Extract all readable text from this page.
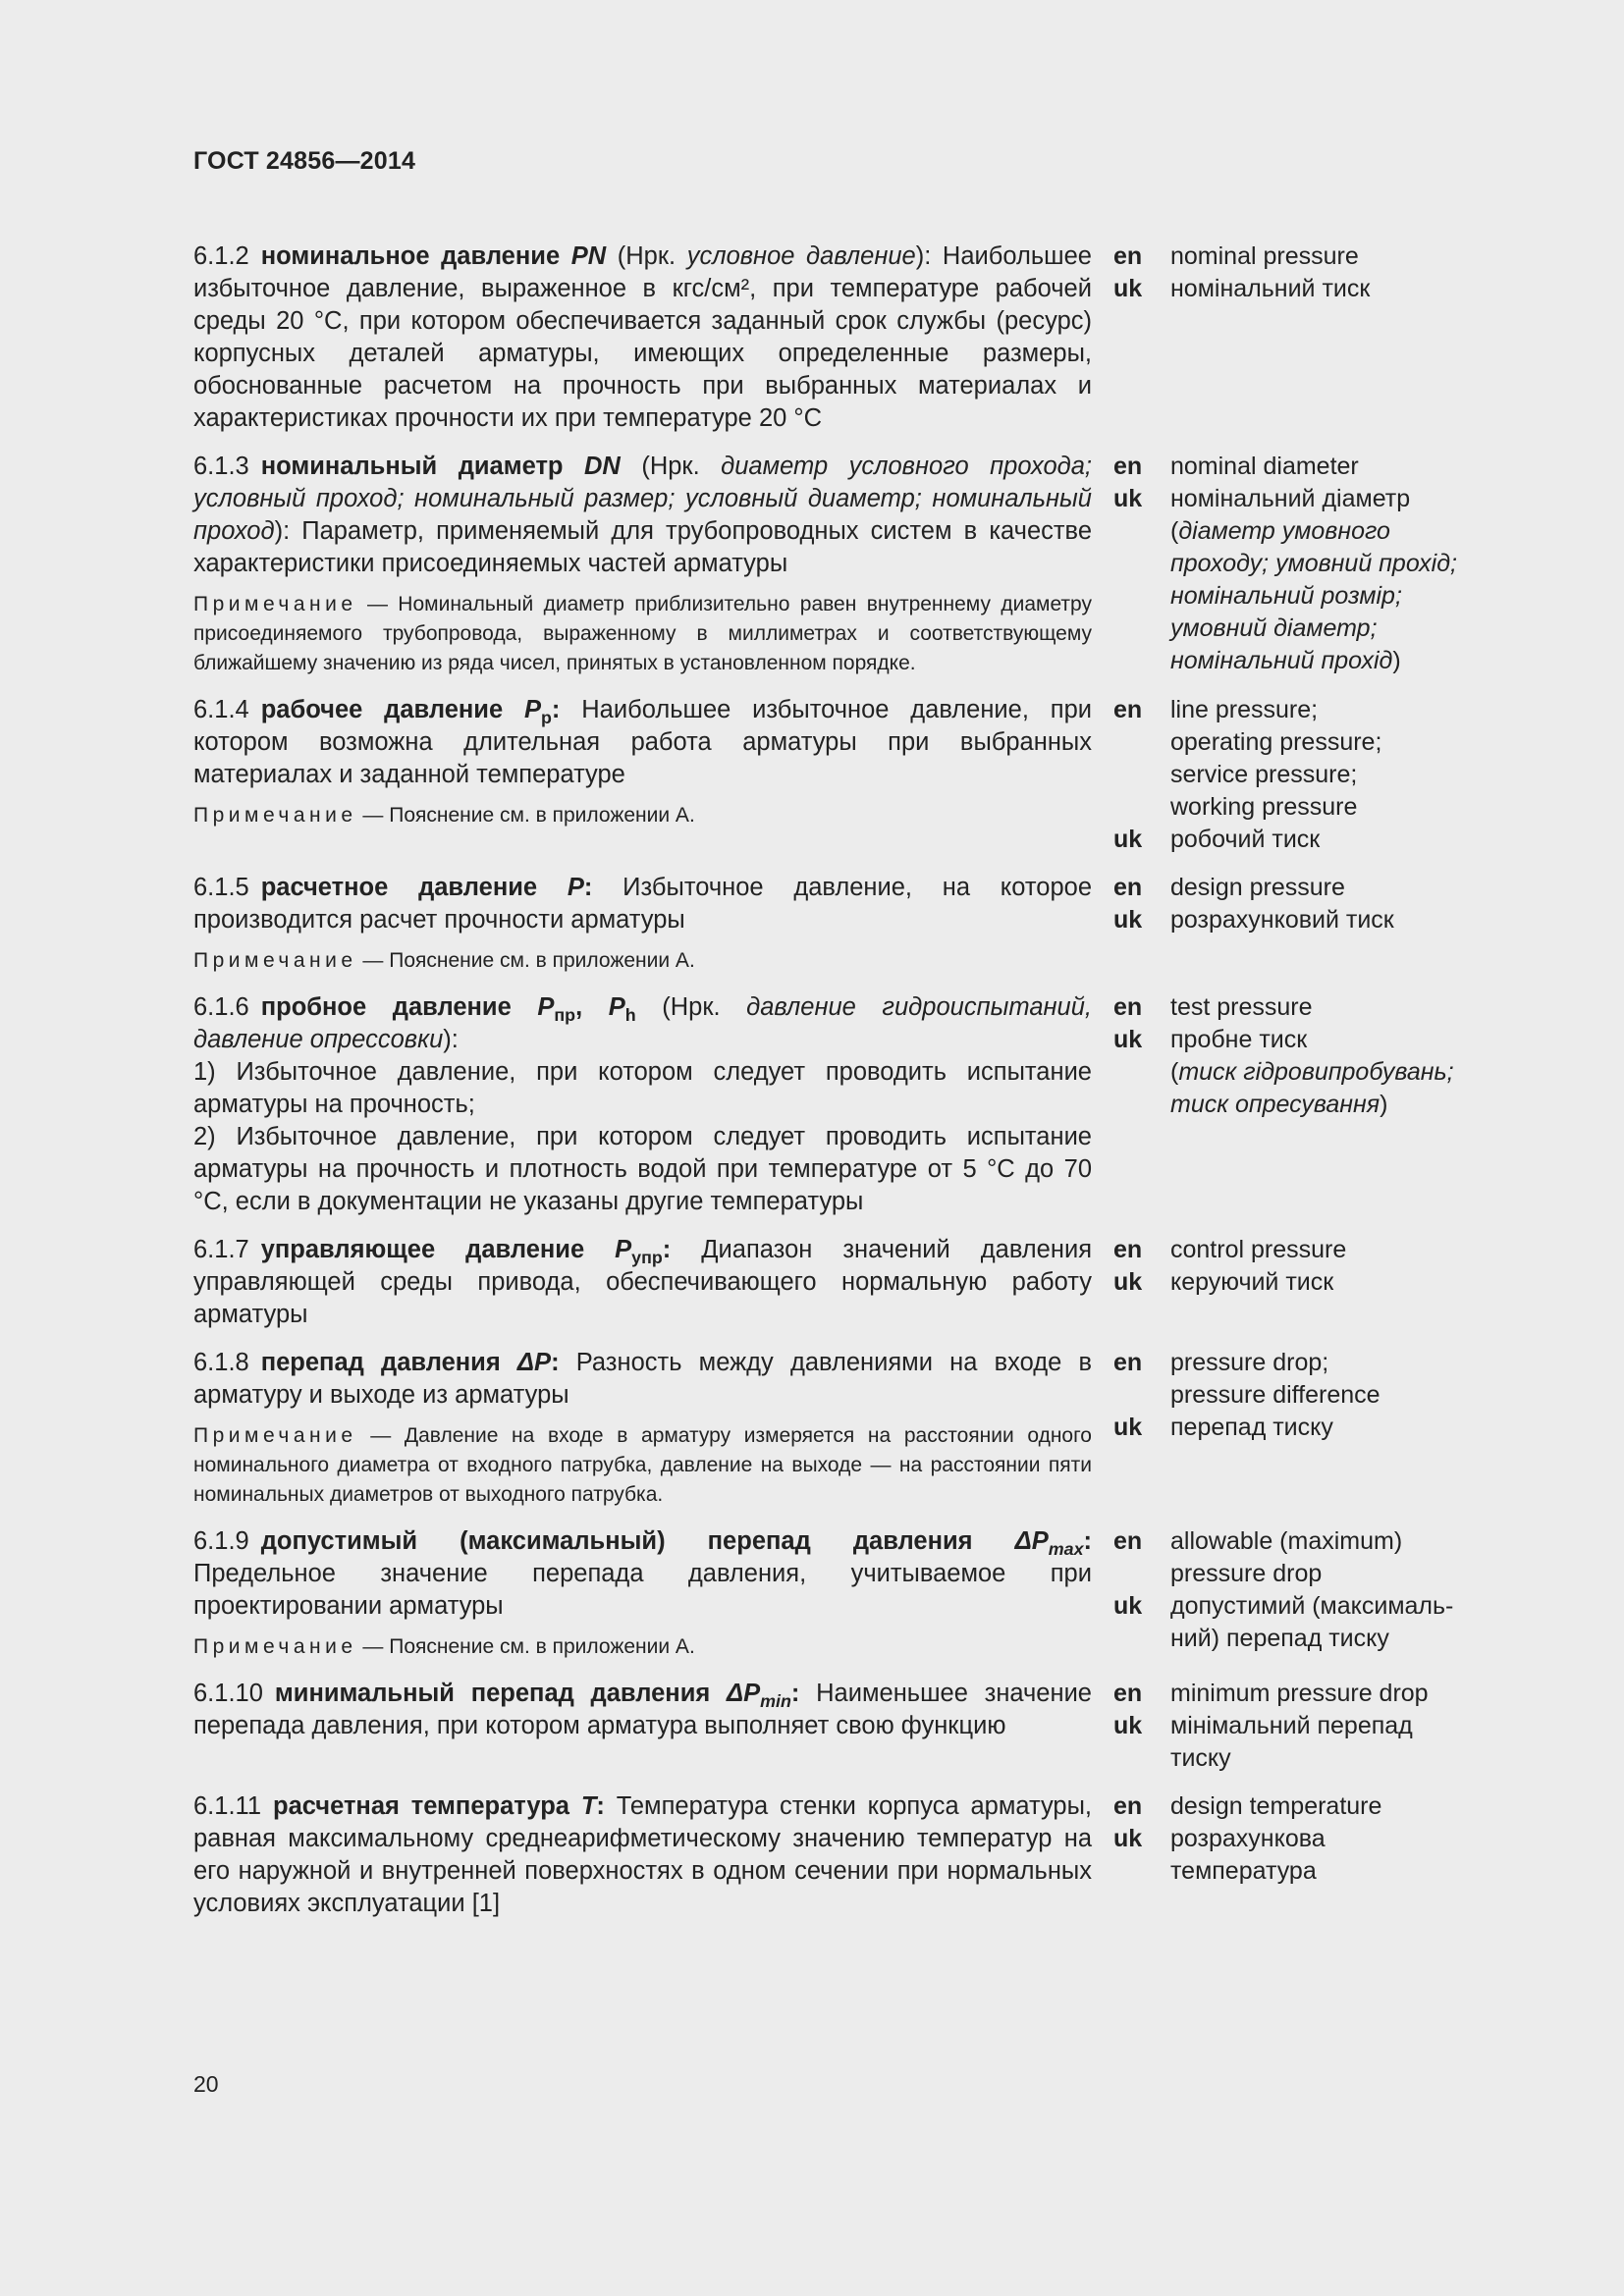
ГОСТ 24856—2014
6.1.2 номинальное давление PN (Нрк. условное давление): Наибольшее избыточное давление, выраженное в кгс/см², при температуре рабочей среды 20 °С, при котором обеспечивается заданный срок службы (ресурс) корпусных деталей арматуры, имеющих определенные размеры, обоснованные расчетом на прочность при выбранных материалах и характеристиках прочности их при температуре 20 °С
en
uk
nominal pressure
номінальний тиск
6.1.3 номинальный диаметр DN (Нрк. диаметр условного прохода; условный проход; номинальный размер; условный диаметр; номинальный проход): Параметр, применяемый для трубопроводных систем в качестве характеристики присоединяемых частей арматуры
Примечание — Номинальный диаметр приблизительно равен внутреннему диаметру присоединяемого трубопровода, выраженному в миллиметрах и соответствующему ближайшему значению из ряда чисел, принятых в установленном порядке.
en
uk
nominal diameter
номінальний діаметр
(діаметр умовного проходу; умовний прохід; номінальний розмір; умовний діаметр; номінальний прохід)
6.1.4 рабочее давление $P_p$: Наибольшее избыточное давление, при котором возможна длительная работа арматуры при выбранных материалах и заданной температуре
Примечание — Пояснение см. в приложении А.
en
uk
line pressure;
operating pressure;
service pressure;
working pressure
робочий тиск
6.1.5 расчетное давление P: Избыточное давление, на которое производится расчет прочности арматуры
Примечание — Пояснение см. в приложении А.
en
uk
design pressure
розрахунковий тиск
6.1.6 пробное давление $P_{пр}$, $P_h$ (Нрк. давление гидроиспытаний, давление опрессовки):
1) Избыточное давление, при котором следует проводить испытание арматуры на прочность;
2) Избыточное давление, при котором следует проводить испытание арматуры на прочность и плотность водой при температуре от 5 °С до 70 °С, если в документации не указаны другие температуры
en
uk
test pressure
пробне тиск
(тиск гідровипробувань; тиск опресування)
6.1.7 управляющее давление $P_{упр}$: Диапазон значений давления управляющей среды привода, обеспечивающего нормальную работу арматуры
en
uk
control pressure
керуючий тиск
6.1.8 перепад давления ΔP: Разность между давлениями на входе в арматуру и выходе из арматуры
Примечание — Давление на входе в арматуру измеряется на расстоянии одного номинального диаметра от входного патрубка, давление на выходе — на расстоянии пяти номинальных диаметров от выходного патрубка.
en
uk
pressure drop;
pressure difference
перепад тиску
6.1.9 допустимый (максимальный) перепад давления $\Delta P_{max}$: Предельное значение перепада давления, учитываемое при проектировании арматуры
Примечание — Пояснение см. в приложении А.
en
uk
allowable (maximum)
pressure drop
допустимий (максималь-
ний) перепад тиску
6.1.10 минимальный перепад давления $\Delta P_{min}$: Наименьшее значение перепада давления, при котором арматура выполняет свою функцию
en
uk
minimum pressure drop
мінімальний перепад
тиску
6.1.11 расчетная температура T: Температура стенки корпуса арматуры, равная максимальному среднеарифметическому значению температур на его наружной и внутренней поверхностях в одном сечении при нормальных условиях эксплуатации [1]
en
uk
design temperature
розрахункова
температура
20
